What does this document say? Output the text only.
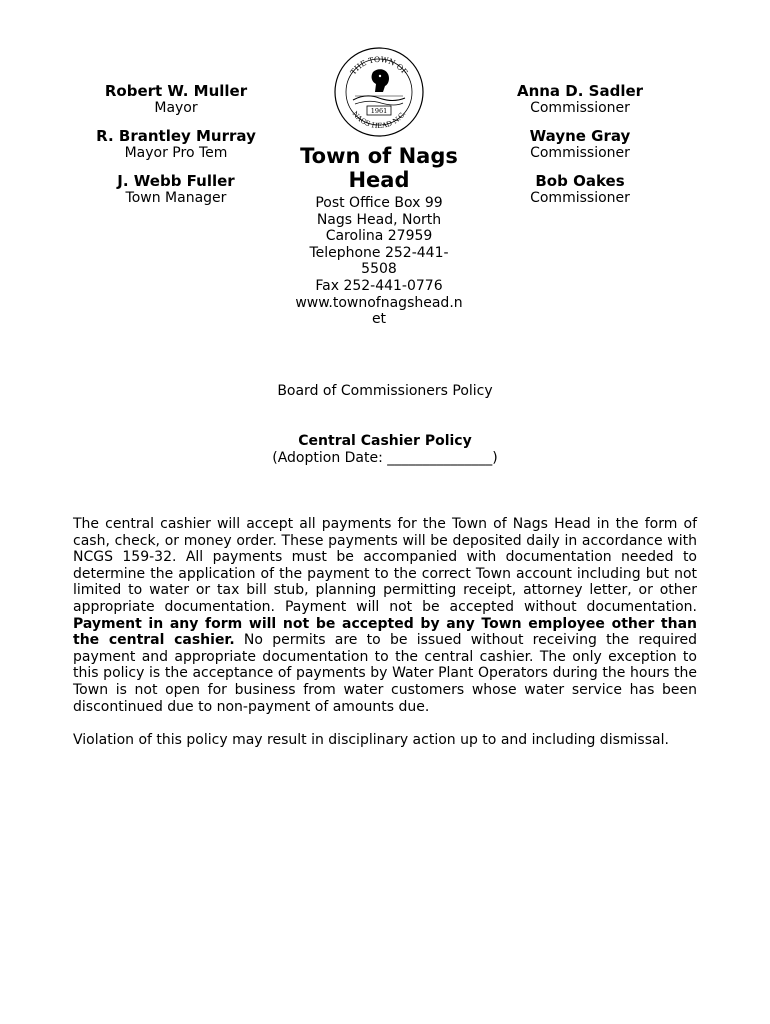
Robert W. Muller
Mayor
R. Brantley Murray
Mayor Pro Tem
J. Webb Fuller
Town Manager
THE TOWN OF
NAGS HEAD N.C.
1961
Town of Nags Head
Post Office Box 99
Nags Head, North Carolina 27959
Telephone 252-441-5508
Fax 252-441-0776
www.townofnagshead.net
Anna D. Sadler
Commissioner
Wayne Gray
Commissioner
Bob Oakes
Commissioner
Board of Commissioners Policy
Central Cashier Policy
(Adoption Date: _______________)

The central cashier will accept all payments for the Town of Nags Head in the form of cash, check, or money order. These payments will be deposited daily in accordance with NCGS 159-32. All payments must be accompanied with documentation needed to determine the application of the payment to the correct Town account including but not limited to water or tax bill stub, planning permitting receipt, attorney letter, or other appropriate documentation. Payment will not be accepted without documentation. Payment in any form will not be accepted by any Town employee other than the central cashier. No permits are to be issued without receiving the required payment and appropriate documentation to the central cashier. The only exception to this policy is the acceptance of payments by Water Plant Operators during the hours the Town is not open for business from water customers whose water service has been discontinued due to non-payment of amounts due.

Violation of this policy may result in disciplinary action up to and including dismissal.
